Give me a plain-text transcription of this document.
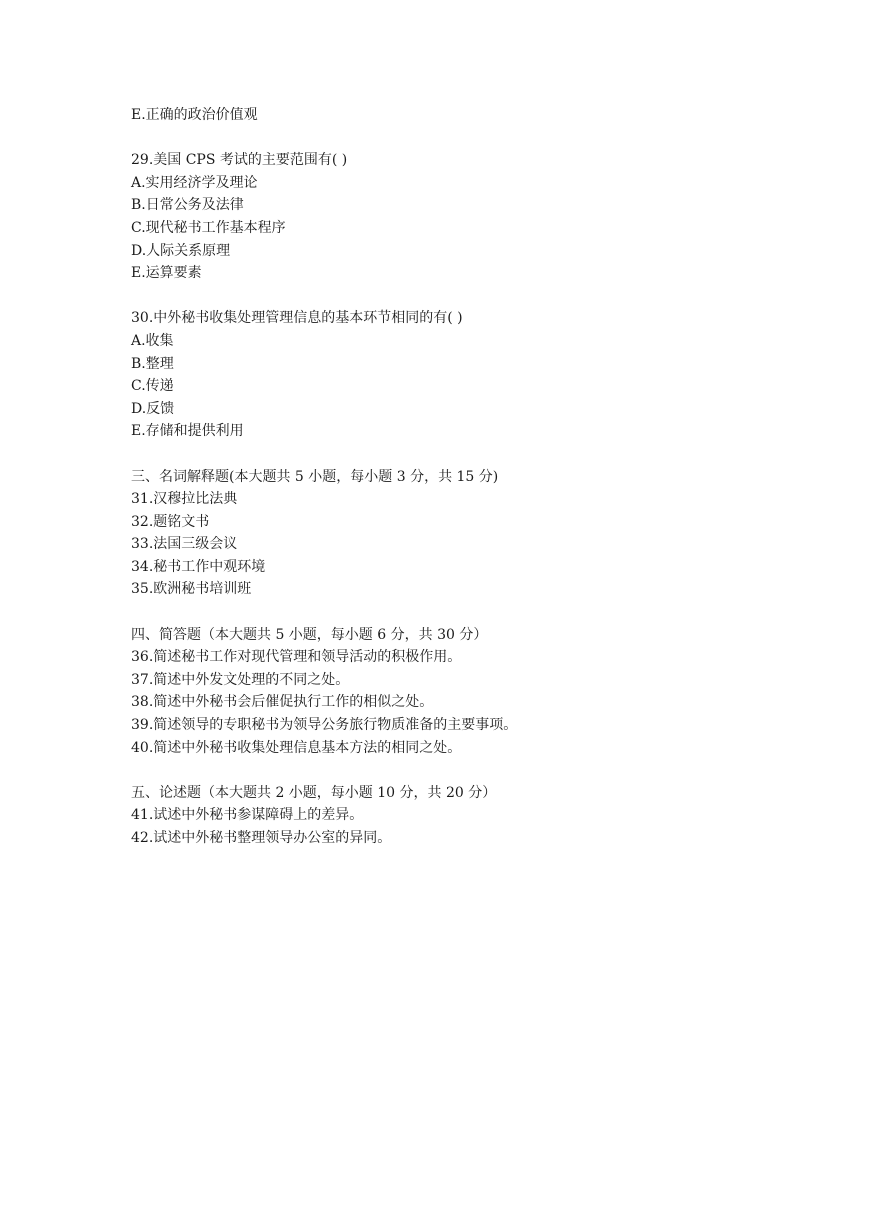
E.正确的政治价值观
29.美国 CPS 考试的主要范围有( )
A.实用经济学及理论
B.日常公务及法律
C.现代秘书工作基本程序
D.人际关系原理
E.运算要素
30.中外秘书收集处理管理信息的基本环节相同的有( )
A.收集
B.整理
C.传递
D.反馈
E.存储和提供利用
三、名词解释题(本大题共 5 小题，每小题 3 分，共 15 分)
31.汉穆拉比法典
32.题铭文书
33.法国三级会议
34.秘书工作中观环境
35.欧洲秘书培训班
四、简答题（本大题共 5 小题，每小题 6 分，共 30 分）
36.简述秘书工作对现代管理和领导活动的积极作用。
37.简述中外发文处理的不同之处。
38.简述中外秘书会后催促执行工作的相似之处。
39.简述领导的专职秘书为领导公务旅行物质准备的主要事项。
40.简述中外秘书收集处理信息基本方法的相同之处。
五、论述题（本大题共 2 小题，每小题 10 分，共 20 分）
41.试述中外秘书参谋障碍上的差异。
42.试述中外秘书整理领导办公室的异同。
